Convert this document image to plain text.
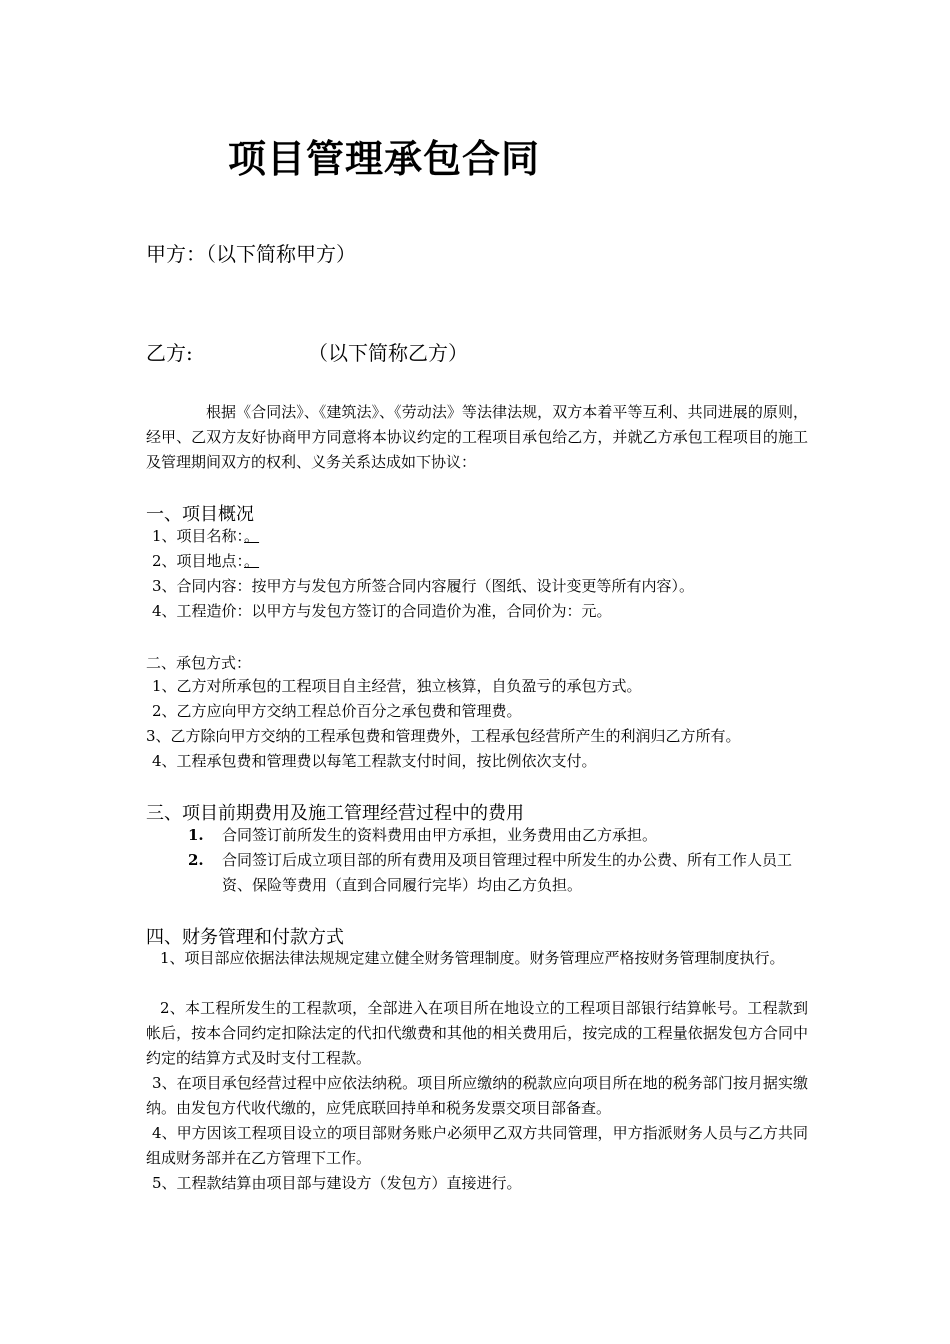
项目管理承包合同
甲方：（以下简称甲方）
乙方:	（以下简称乙方）
根据《合同法》、《建筑法》、《劳动法》等法律法规，双方本着平等互利、共同进展的原则，经甲、乙双方友好协商甲方同意将本协议约定的工程项目承包给乙方，并就乙方承包工程项目的施工及管理期间双方的权利、义务关系达成如下协议：
一、项目概况
1、项目名称：。
2、项目地点：。
3、合同内容：按甲方与发包方所签合同内容履行（图纸、设计变更等所有内容）。
4、工程造价：以甲方与发包方签订的合同造价为准，合同价为：元。
二、承包方式：
1、乙方对所承包的工程项目自主经营，独立核算，自负盈亏的承包方式。
2、乙方应向甲方交纳工程总价百分之承包费和管理费。
3、乙方除向甲方交纳的工程承包费和管理费外，工程承包经营所产生的利润归乙方所有。
4、工程承包费和管理费以每笔工程款支付时间，按比例依次支付。
三、项目前期费用及施工管理经营过程中的费用
1. 合同签订前所发生的资料费用由甲方承担，业务费用由乙方承担。
2. 合同签订后成立项目部的所有费用及项目管理过程中所发生的办公费、所有工作人员工资、保险等费用（直到合同履行完毕）均由乙方负担。
四、财务管理和付款方式
1、项目部应依据法律法规规定建立健全财务管理制度。财务管理应严格按财务管理制度执行。
2、本工程所发生的工程款项，全部进入在项目所在地设立的工程项目部银行结算帐号。工程款到帐后，按本合同约定扣除法定的代扣代缴费和其他的相关费用后，按完成的工程量依据发包方合同中约定的结算方式及时支付工程款。
3、在项目承包经营过程中应依法纳税。项目所应缴纳的税款应向项目所在地的税务部门按月据实缴纳。由发包方代收代缴的，应凭底联回持单和税务发票交项目部备查。
4、甲方因该工程项目设立的项目部财务账户必须甲乙双方共同管理，甲方指派财务人员与乙方共同组成财务部并在乙方管理下工作。
5、工程款结算由项目部与建设方（发包方）直接进行。
